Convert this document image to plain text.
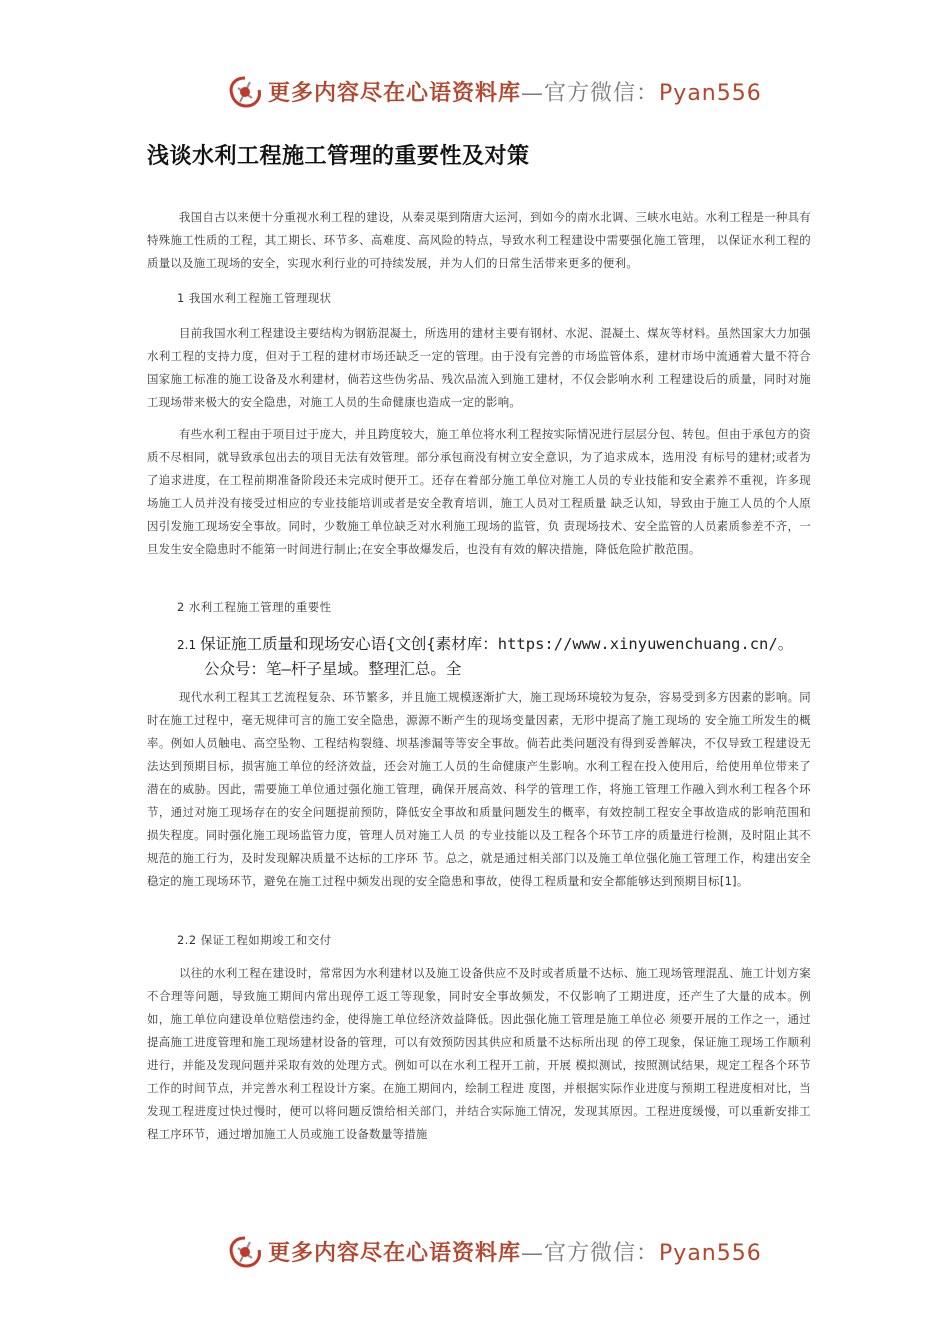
更多内容尽在心语资料库—官方微信：Pyan556
浅谈水利工程施工管理的重要性及对策
我国自古以来便十分重视水利工程的建设，从秦灵渠到隋唐大运河，到如今的南水北调、三峡水电站。水利工程是一种具有特殊施工性质的工程，其工期长、环节多、高难度、高风险的特点，导致水利工程建设中需要强化施工管理， 以保证水利工程的质量以及施工现场的安全，实现水利行业的可持续发展，并为人们的日常生活带来更多的便利。
1 我国水利工程施工管理现状
目前我国水利工程建设主要结构为钢筋混凝土，所选用的建材主要有钢材、水泥、混凝土、煤灰等材料。虽然国家大力加强水利工程的支持力度，但对于工程的建材市场还缺乏一定的管理。由于没有完善的市场监管体系，建材市场中流通着大量不符合国家施工标准的施工设备及水利建材，倘若这些伪劣品、残次品流入到施工建材，不仅会影响水利 工程建设后的质量，同时对施工现场带来极大的安全隐患，对施工人员的生命健康也造成一定的影响。
有些水利工程由于项目过于庞大，并且跨度较大，施工单位将水利工程按实际情况进行层层分包、转包。但由于承包方的资质不尽相同，就导致承包出去的项目无法有效管理。部分承包商没有树立安全意识，为了追求成本，选用没 有标号的建材;或者为了追求进度，在工程前期准备阶段还未完成时便开工。还存在着部分施工单位对施工人员的专业技能和安全素养不重视，许多现场施工人员并没有接受过相应的专业技能培训或者是安全教育培训，施工人员对工程质量 缺乏认知，导致由于施工人员的个人原因引发施工现场安全事故。同时，少数施工单位缺乏对水利施工现场的监管，负 责现场技术、安全监管的人员素质参差不齐，一旦发生安全隐患时不能第一时间进行制止;在安全事故爆发后，也没有有效的解决措施，降低危险扩散范围。
2 水利工程施工管理的重要性
2.1 保证施工质量和现场安心语{文创{素材库：https://www.xinyuwenchuang.cn/。
公众号：笔—杆子星域。整理汇总。全
现代水利工程其工艺流程复杂、环节繁多，并且施工规模逐渐扩大，施工现场环境较为复杂，容易受到多方因素的影响。同时在施工过程中，毫无规律可言的施工安全隐患，源源不断产生的现场变量因素，无形中提高了施工现场的 安全施工所发生的概率。例如人员触电、高空坠物、工程结构裂缝、坝基渗漏等等安全事故。倘若此类问题没有得到妥善解决，不仅导致工程建设无法达到预期目标，损害施工单位的经济效益，还会对施工人员的生命健康产生影响。水利工程在投入使用后，给使用单位带来了潜在的威胁。因此，需要施工单位通过强化施工管理，确保开展高效、科学的管理工作，将施工管理工作融入到水利工程各个环节，通过对施工现场存在的安全问题提前预防，降低安全事故和质量问题发生的概率，有效控制工程安全事故造成的影响范围和损失程度。同时强化施工现场监管力度，管理人员对施工人员 的专业技能以及工程各个环节工序的质量进行检测，及时阻止其不规范的施工行为，及时发现解决质量不达标的工序环 节。总之，就是通过相关部门以及施工单位强化施工管理工作，构建出安全稳定的施工现场环节，避免在施工过程中频发出现的安全隐患和事故，使得工程质量和安全都能够达到预期目标[1]。
2.2 保证工程如期竣工和交付
以往的水利工程在建设时，常常因为水利建材以及施工设备供应不及时或者质量不达标、施工现场管理混乱、施工计划方案不合理等问题，导致施工期间内常出现停工返工等现象，同时安全事故频发，不仅影响了工期进度，还产生了大量的成本。例如，施工单位向建设单位赔偿违约金，使得施工单位经济效益降低。因此强化施工管理是施工单位必 须要开展的工作之一，通过提高施工进度管理和施工现场建材设备的管理，可以有效预防因其供应和质量不达标所出现 的停工现象，保证施工现场工作顺利进行，并能及发现问题并采取有效的处理方式。例如可以在水利工程开工前，开展 模拟测试，按照测试结果，规定工程各个环节工作的时间节点，并完善水利工程设计方案。在施工期间内，绘制工程进 度图，并根据实际作业进度与预期工程进度相对比，当发现工程进度过快过慢时，便可以将问题反馈给相关部门，并结合实际施工情况，发现其原因。工程进度缓慢，可以重新安排工程工序环节，通过增加施工人员或施工设备数量等措施
更多内容尽在心语资料库—官方微信：Pyan556
